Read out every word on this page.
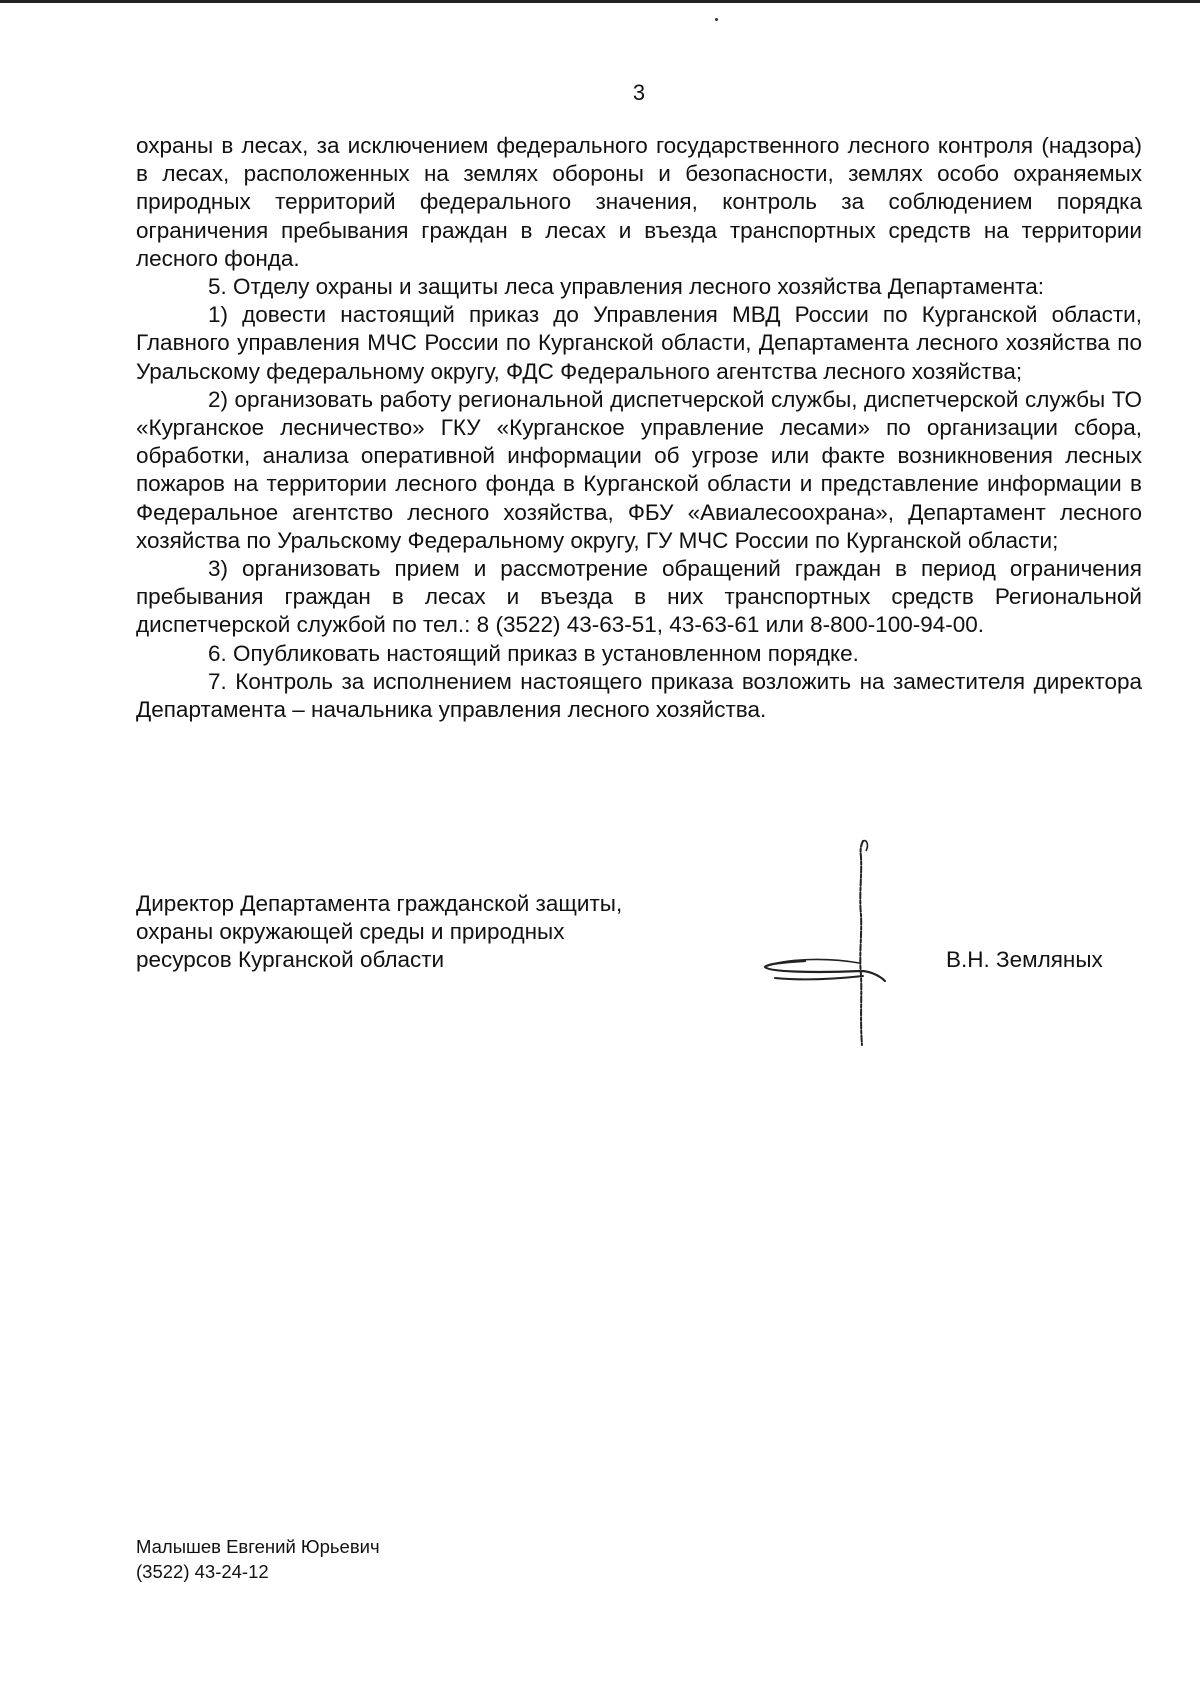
3

охраны в лесах, за исключением федерального государственного лесного контроля (надзора) в лесах, расположенных на землях обороны и безопасности, землях особо охраняемых природных территорий федерального значения, контроль за соблюдением порядка ограничения пребывания граждан в лесах и въезда транспортных средств на территории лесного фонда.

5. Отделу охраны и защиты леса управления лесного хозяйства Департамента:

1) довести настоящий приказ до Управления МВД России по Курганской области, Главного управления МЧС России по Курганской области, Департамента лесного хозяйства по Уральскому федеральному округу, ФДС Федерального агентства лесного хозяйства;

2) организовать работу региональной диспетчерской службы, диспетчерской службы ТО «Курганское лесничество» ГКУ «Курганское управление лесами» по организации сбора, обработки, анализа оперативной информации об угрозе или факте возникновения лесных пожаров на территории лесного фонда в Курганской области и представление информации в Федеральное агентство лесного хозяйства, ФБУ «Авиалесоохрана», Департамент лесного хозяйства по Уральскому Федеральному округу, ГУ МЧС России по Курганской области;

3) организовать прием и рассмотрение обращений граждан в период ограничения пребывания граждан в лесах и въезда в них транспортных средств Региональной диспетчерской службой по тел.: 8 (3522) 43-63-51, 43-63-61 или 8-800-100-94-00.

6. Опубликовать настоящий приказ в установленном порядке.

7. Контроль за исполнением настоящего приказа возложить на заместителя директора Департамента – начальника управления лесного хозяйства.

Директор Департамента гражданской защиты,
охраны окружающей среды и природных
ресурсов Курганской области	В.Н. Земляных
Малышев Евгений Юрьевич
(3522) 43-24-12
